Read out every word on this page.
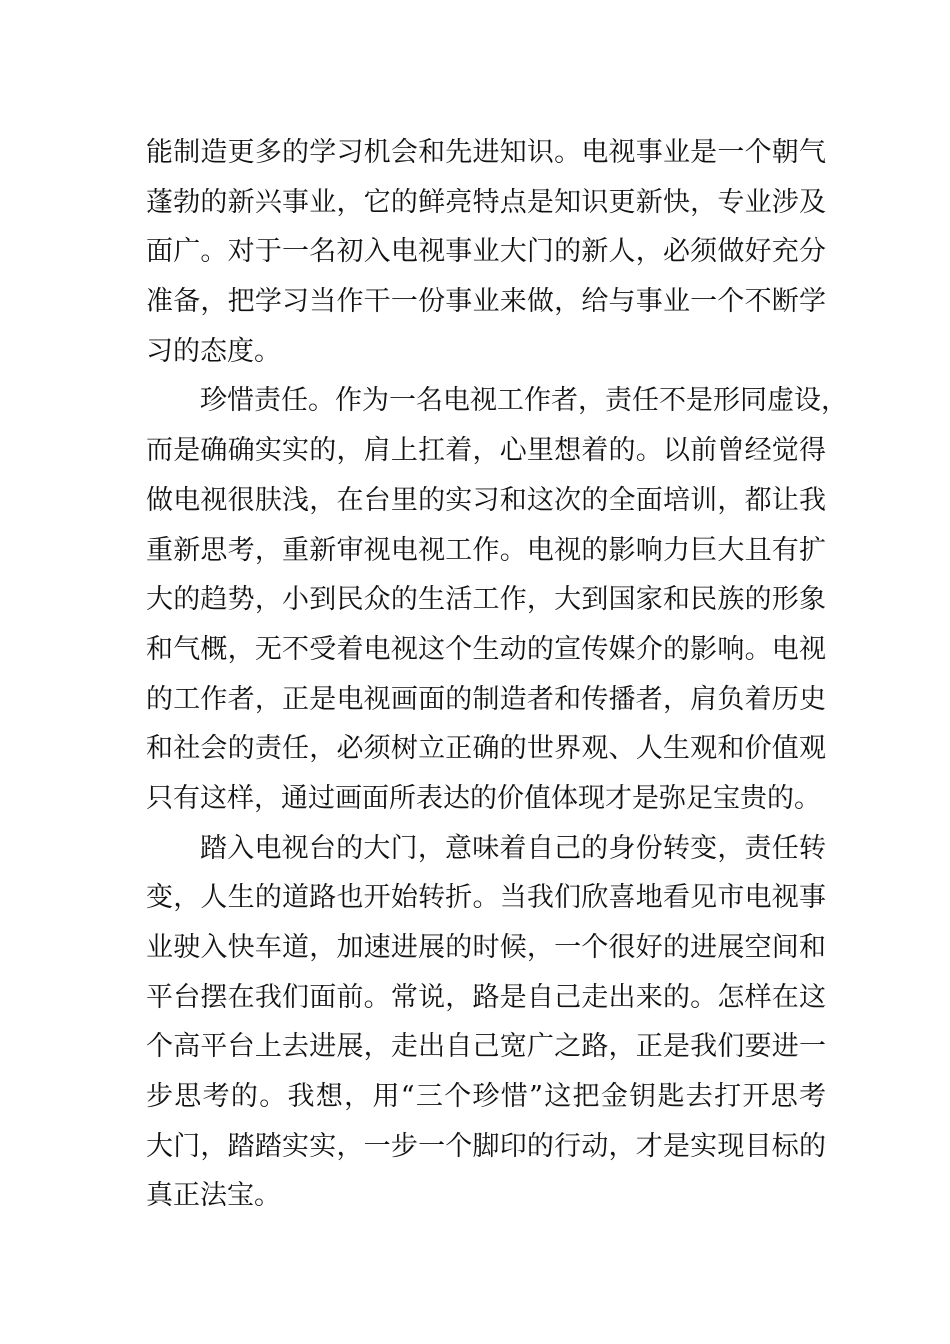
能制造更多的学习机会和先进知识。电视事业是一个朝气
蓬勃的新兴事业，它的鲜亮特点是知识更新快，专业涉及
面广。对于一名初入电视事业大门的新人，必须做好充分
准备，把学习当作干一份事业来做，给与事业一个不断学
习的态度。
珍惜责任。作为一名电视工作者，责任不是形同虚设，
而是确确实实的，肩上扛着，心里想着的。以前曾经觉得
做电视很肤浅，在台里的实习和这次的全面培训，都让我
重新思考，重新审视电视工作。电视的影响力巨大且有扩
大的趋势，小到民众的生活工作，大到国家和民族的形象
和气概，无不受着电视这个生动的宣传媒介的影响。电视
的工作者，正是电视画面的制造者和传播者，肩负着历史
和社会的责任，必须树立正确的世界观、人生观和价值观
只有这样，通过画面所表达的价值体现才是弥足宝贵的。
踏入电视台的大门，意味着自己的身份转变，责任转
变，人生的道路也开始转折。当我们欣喜地看见市电视事
业驶入快车道，加速进展的时候，一个很好的进展空间和
平台摆在我们面前。常说，路是自己走出来的。怎样在这
个高平台上去进展，走出自己宽广之路，正是我们要进一
步思考的。我想，用“三个珍惜”这把金钥匙去打开思考
大门，踏踏实实，一步一个脚印的行动，才是实现目标的
真正法宝。
